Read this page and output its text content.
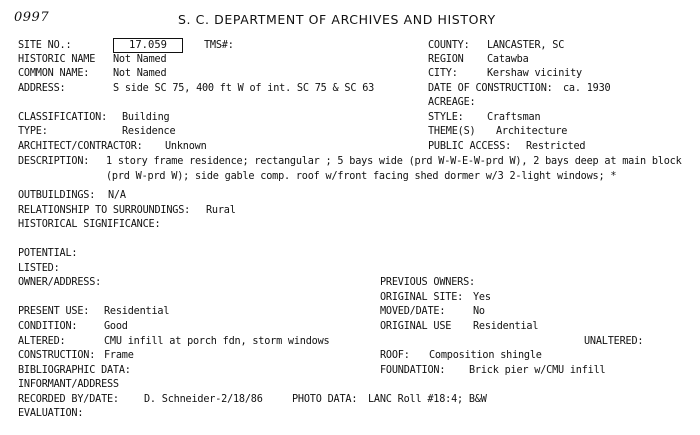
0997	S. C. DEPARTMENT OF ARCHIVES AND HISTORY
SITE NO.:	17.059	TMS#:
HISTORIC NAME Not Named
COMMON NAME: Not Named
ADDRESS:	S side SC 75, 400 ft W of int. SC 75 & SC 63
CLASSIFICATION: Building
TYPE:	Residence
ARCHITECT/CONTRACTOR: Unknown
COUNTY: LANCASTER, SC
REGION Catawba
CITY:	Kershaw vicinity
DATE OF CONSTRUCTION: ca. 1930
ACREAGE:
STYLE: Craftsman
THEME(S) Architecture
PUBLIC ACCESS: Restricted
DESCRIPTION: 1 story frame residence; rectangular ; 5 bays wide (prd W-W-E-W-prd W), 2 bays deep at main block
(prd W-prd W); side gable comp. roof w/front facing shed dormer w/3 2-light windows; *
OUTBUILDINGS: N/A
RELATIONSHIP TO SURROUNDINGS: Rural
HISTORICAL SIGNIFICANCE:
POTENTIAL:
LISTED:
OWNER/ADDRESS:	PREVIOUS OWNERS:
ORIGINAL SITE: Yes
MOVED/DATE:	No
ORIGINAL USE Residential
PRESENT USE: Residential
CONDITION:	Good
ALTERED:	CMU infill at porch fdn, storm windows	UNALTERED:
CONSTRUCTION: Frame	ROOF: Composition shingle
BIBLIOGRAPHIC DATA:	FOUNDATION: Brick pier w/CMU infill
INFORMANT/ADDRESS
RECORDED BY/DATE: D. Schneider-2/18/86	PHOTO DATA: LANC Roll #18:4; B&W
EVALUATION:
